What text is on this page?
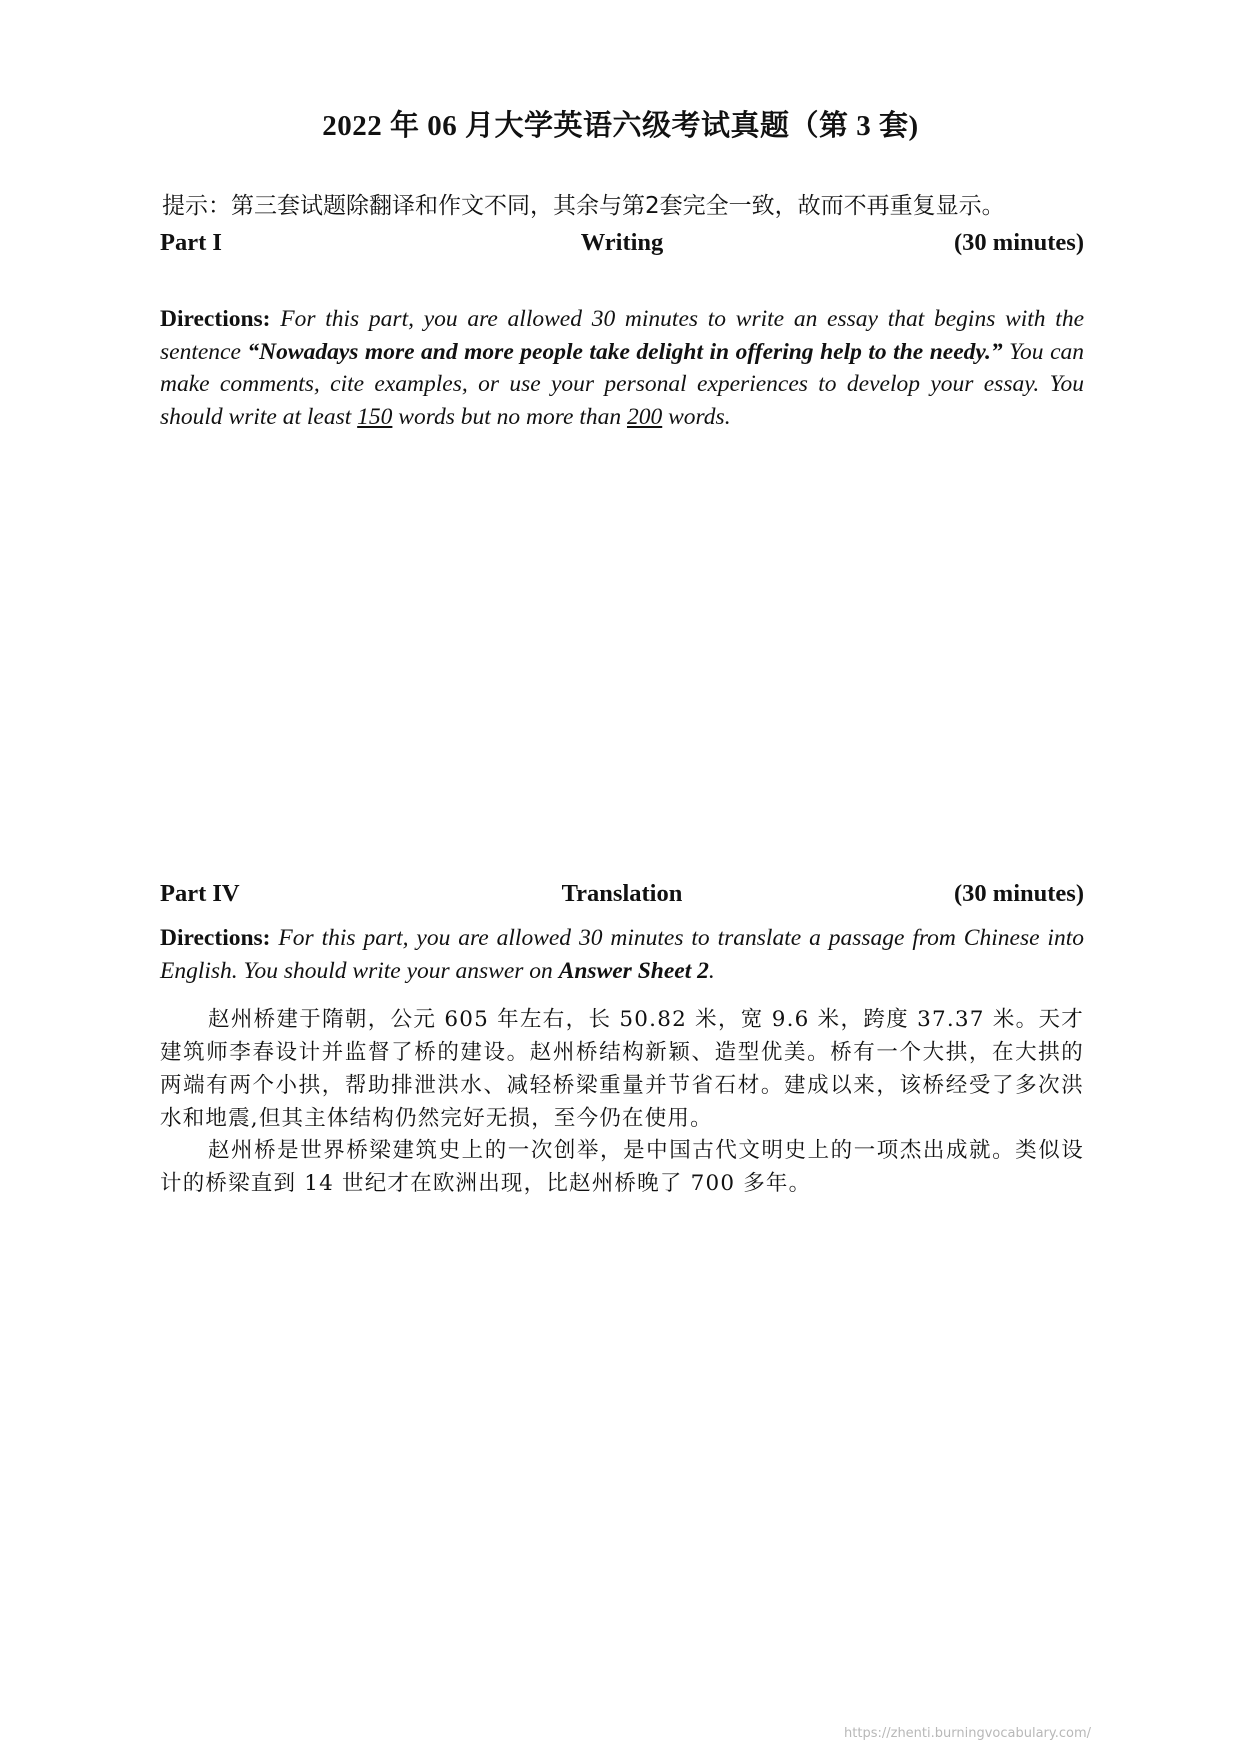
2022 年 06 月大学英语六级考试真题（第 3 套)
提示：第三套试题除翻译和作文不同，其余与第2套完全一致，故而不再重复显示。
Part I	Writing	(30 minutes)
Directions: For this part, you are allowed 30 minutes to write an essay that begins with the sentence “Nowadays more and more people take delight in offering help to the needy.” You can make comments, cite examples, or use your personal experiences to develop your essay. You should write at least 150 words but no more than 200 words.
Part IV	Translation	(30 minutes)
Directions: For this part, you are allowed 30 minutes to translate a passage from Chinese into English. You should write your answer on Answer Sheet 2.
赵州桥建于隋朝，公元 605 年左右，长 50.82 米，宽 9.6 米，跨度 37.37 米。天才建筑师李春设计并监督了桥的建设。赵州桥结构新颖、造型优美。桥有一个大拱，在大拱的两端有两个小拱，帮助排泄洪水、减轻桥梁重量并节省石材。建成以来，该桥经受了多次洪水和地震,但其主体结构仍然完好无损，至今仍在使用。
赵州桥是世界桥梁建筑史上的一次创举，是中国古代文明史上的一项杰出成就。类似设计的桥梁直到 14 世纪才在欧洲出现，比赵州桥晚了 700 多年。
https://zhenti.burningvocabulary.com/
